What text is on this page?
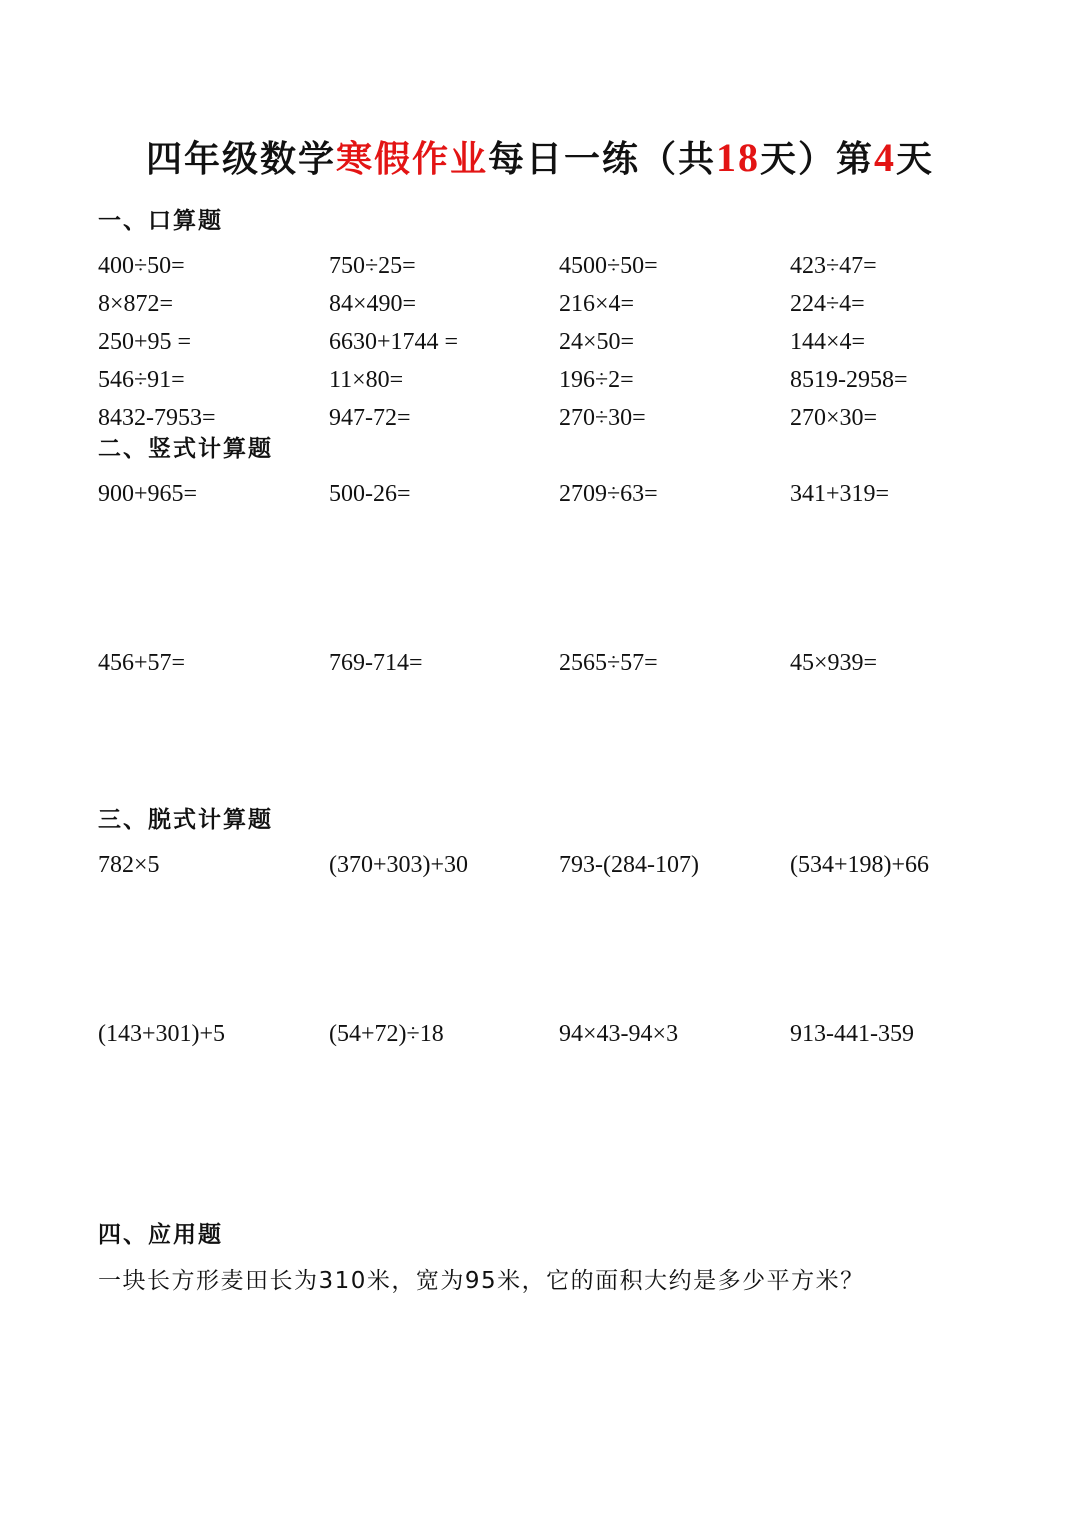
四年级数学寒假作业每日一练（共18天）第4天
一、口算题
400÷50=	750÷25=	4500÷50=	423÷47=
8×872=	84×490=	216×4=	224÷4=
250+95 =	6630+1744 =	24×50=	144×4=
546÷91=	11×80=	196÷2=	8519-2958=
8432-7953=	947-72=	270÷30=	270×30=
二、竖式计算题
900+965=	500-26=	2709÷63=	341+319=
456+57=	769-714=	2565÷57=	45×939=
三、脱式计算题
782×5	(370+303)+30	793-(284-107)	(534+198)+66
(143+301)+5	(54+72)÷18	94×43-94×3	913-441-359
四、应用题
一块长方形麦田长为310米，宽为95米，它的面积大约是多少平方米？
